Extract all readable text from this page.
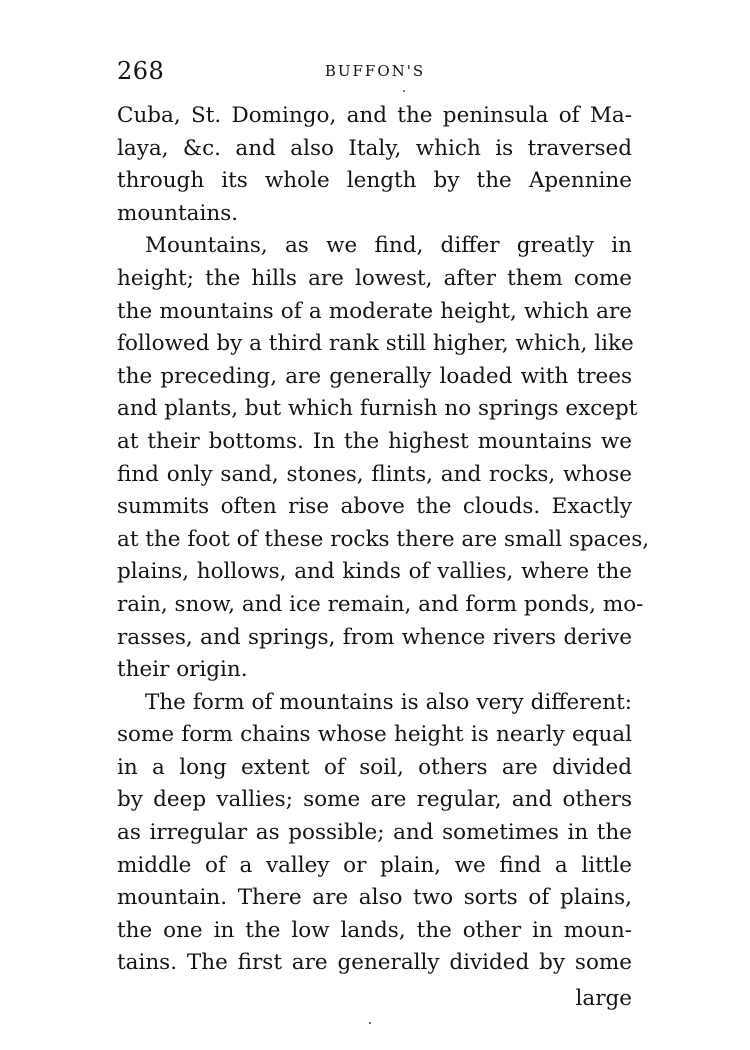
268	BUFFON'S
Cuba, St. Domingo, and the peninsula of Ma-
laya, &c. and also Italy, which is traversed
through its whole length by the Apennine
mountains.
Mountains, as we find, differ greatly in
height; the hills are lowest, after them come
the mountains of a moderate height, which are
followed by a third rank still higher, which, like
the preceding, are generally loaded with trees
and plants, but which furnish no springs except
at their bottoms. In the highest mountains we
find only sand, stones, flints, and rocks, whose
summits often rise above the clouds. Exactly
at the foot of these rocks there are small spaces,
plains, hollows, and kinds of vallies, where the
rain, snow, and ice remain, and form ponds, mo-
rasses, and springs, from whence rivers derive
their origin.
The form of mountains is also very different:
some form chains whose height is nearly equal
in a long extent of soil, others are divided
by deep vallies; some are regular, and others
as irregular as possible; and sometimes in the
middle of a valley or plain, we find a little
mountain. There are also two sorts of plains,
the one in the low lands, the other in moun-
tains. The first are generally divided by some
large
